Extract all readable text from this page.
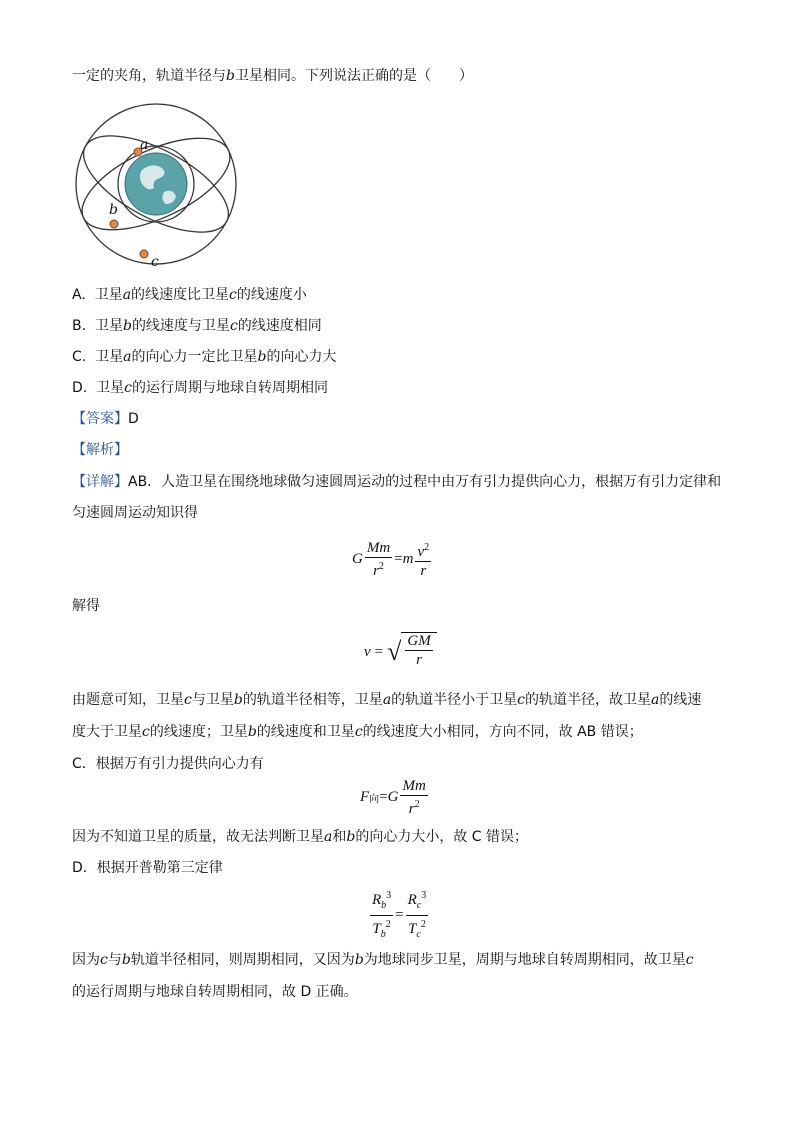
一定的夹角，轨道半径与b卫星相同。下列说法正确的是（　　）
a
b
c
A. 卫星a的线速度比卫星c的线速度小
B. 卫星b的线速度与卫星c的线速度相同
C. 卫星a的向心力一定比卫星b的向心力大
D. 卫星c的运行周期与地球自转周期相同
【答案】D
【解析】
【详解】AB．人造卫星在围绕地球做匀速圆周运动的过程中由万有引力提供向心力，根据万有引力定律和
匀速圆周运动知识得
G $\frac{Mm}{r^2} = m \frac{v^2}{r}$
解得
v = √ $\frac{GM}{r}$
由题意可知，卫星c与卫星b的轨道半径相等，卫星a的轨道半径小于卫星c的轨道半径，故卫星a的线速
度大于卫星c的线速度；卫星b的线速度和卫星c的线速度大小相同，方向不同，故 AB 错误；
C．根据万有引力提供向心力有
F 向 = G $\frac{Mm}{r^2}$
因为不知道卫星的质量，故无法判断卫星a和b的向心力大小，故 C 错误；
D．根据开普勒第三定律
$\frac{R_b^3}{T_b^2} = \frac{R_c^3}{T_c^2}$
因为c与b轨道半径相同，则周期相同，又因为b为地球同步卫星，周期与地球自转周期相同，故卫星c
的运行周期与地球自转周期相同，故 D 正确。
